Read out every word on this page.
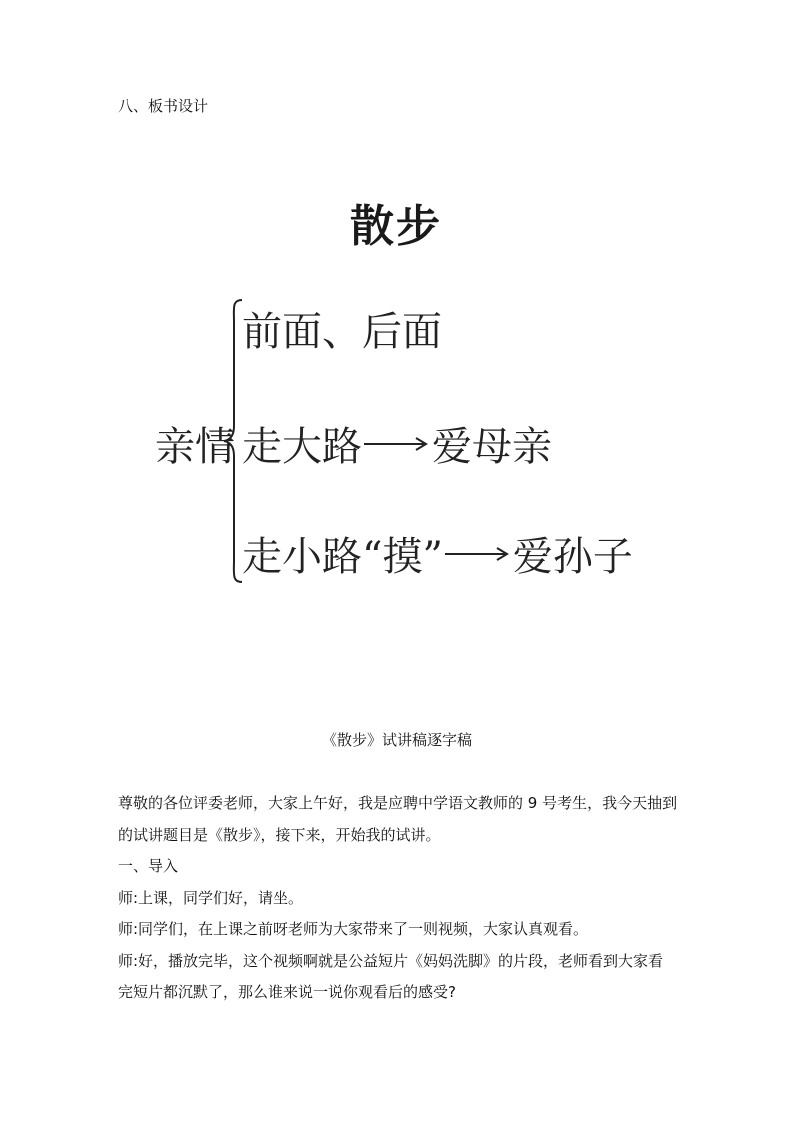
八、板书设计
散步
亲情
前面、后面
走大路 爱母亲
走小路“摸” 爱孙子
《散步》试讲稿逐字稿

尊敬的各位评委老师，大家上午好，我是应聘中学语文教师的 9 号考生，我今天抽到的试讲题目是《散步》，接下来，开始我的试讲。

一、导入

师:上课，同学们好，请坐。

师:同学们，在上课之前呀老师为大家带来了一则视频，大家认真观看。

师:好，播放完毕，这个视频啊就是公益短片《妈妈洗脚》的片段，老师看到大家看完短片都沉默了，那么谁来说一说你观看后的感受?
